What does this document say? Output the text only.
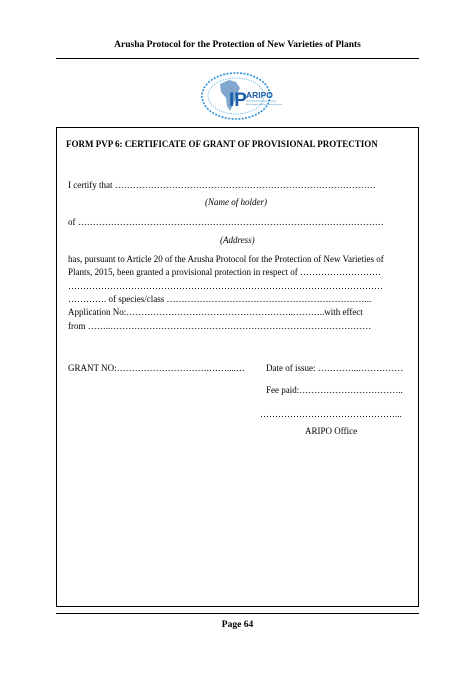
Arusha Protocol for the Protection of New Varieties of Plants
IP ARIPO
African Regional Intellectual Property Organization
FORM PVP 6: CERTIFICATE OF GRANT OF PROVISIONAL PROTECTION
I certify that ……………………………………………………………………………
(Name of holder)
of …………………………………………………………………………………………
(Address)
has, pursuant to Article 20 of the Arusha Protocol for the Protection of New Varieties of
Plants, 2015, been granted a provisional protection in respect of ………………………
……………………………………………………………………………………………
…………. of species/class …………………………………………………………...
Application No:………………………………………………..………..with effect
from ……..……………………………………………………………………………
GRANT NO:………………………….……....… Date of issue: …………..……………
Fee paid:……………………………..
………………………………………...
ARIPO Office
Page 64
